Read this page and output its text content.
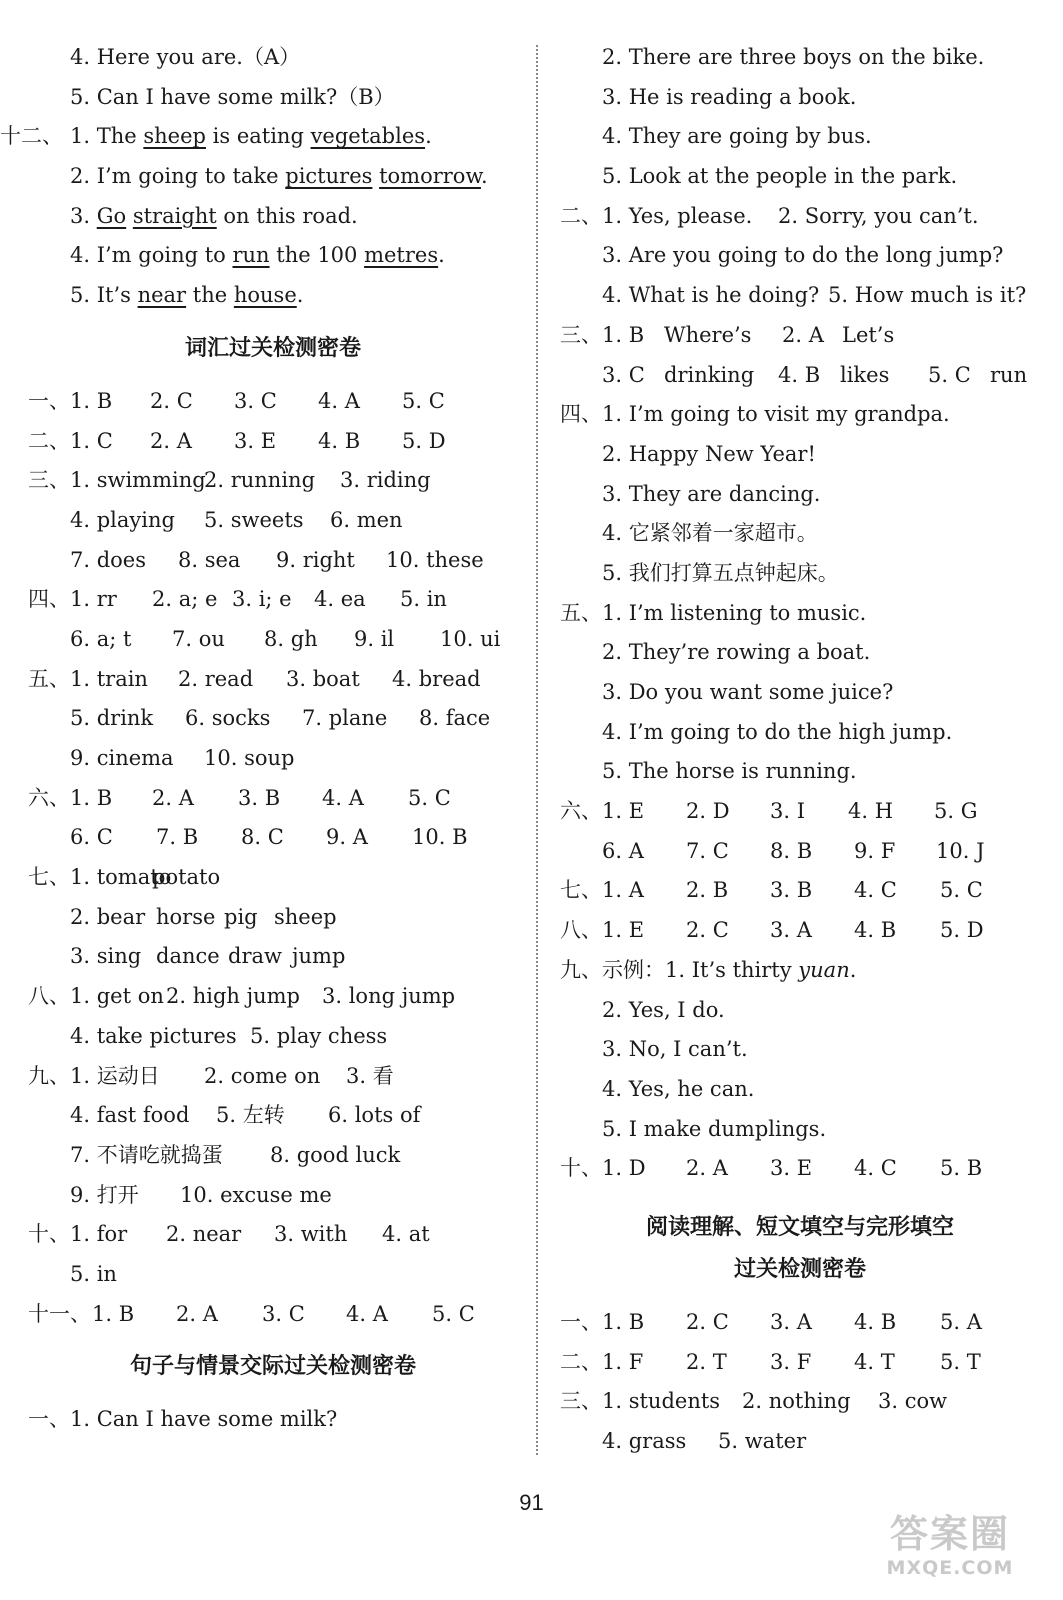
4. Here you are.（A）
5. Can I have some milk?（B）
十二、 1. The sheep is eating vegetables.
2. I’m going to take pictures tomorrow.
3. Go straight on this road.
4. I’m going to run the 100 metres.
5. It’s near the house.
词汇过关检测密卷
一、1. B 2. C 3. C 4. A 5. C
二、1. C 2. A 3. E 4. B 5. D
三、1. swimming2. running 3. riding
4. playing 5. sweets 6. men
7. does 8. sea 9. right 10. these
四、1. rr 2. a; e 3. i; e 4. ea 5. in
6. a; t 7. ou 8. gh 9. il 10. ui
五、1. train 2. read 3. boat 4. bread
5. drink 6. socks 7. plane 8. face
9. cinema 10. soup
六、1. B 2. A 3. B 4. A 5. C
6. C 7. B 8. C 9. A 10. B
七、1. tomatopotato
2. bear horse pig sheep
3. sing dance draw jump
八、1. get on 2. high jump 3. long jump
4. take pictures 5. play chess
九、1. 运动日 2. come on 3. 看
4. fast food 5. 左转 6. lots of
7. 不请吃就捣蛋 8. good luck
9. 打开 10. excuse me
十、1. for 2. near 3. with 4. at
5. in
十一、1. B 2. A 3. C 4. A 5. C
句子与情景交际过关检测密卷
一、1. Can I have some milk?
2. There are three boys on the bike.
3. He is reading a book.
4. They are going by bus.
5. Look at the people in the park.
二、1. Yes, please. 2. Sorry, you can’t.
3. Are you going to do the long jump?
4. What is he doing? 5. How much is it?
三、1. B Where’s 2. A Let’s
3. C drinking 4. B likes 5. C run
四、1. I’m going to visit my grandpa.
2. Happy New Year!
3. They are dancing.
4. 它紧邻着一家超市。
5. 我们打算五点钟起床。
五、1. I’m listening to music.
2. They’re rowing a boat.
3. Do you want some juice?
4. I’m going to do the high jump.
5. The horse is running.
六、1. E 2. D 3. I 4. H 5. G
6. A 7. C 8. B 9. F 10. J
七、1. A 2. B 3. B 4. C 5. C
八、1. E 2. C 3. A 4. B 5. D
九、示例：1. It’s thirty yuan.
2. Yes, I do.
3. No, I can’t.
4. Yes, he can.
5. I make dumplings.
十、1. D 2. A 3. E 4. C 5. B
阅读理解、短文填空与完形填空
过关检测密卷
一、1. B 2. C 3. A 4. B 5. A
二、1. F 2. T 3. F 4. T 5. T
三、1. students 2. nothing 3. cow
4. grass 5. water
91
答案圈
MXQE.COM
